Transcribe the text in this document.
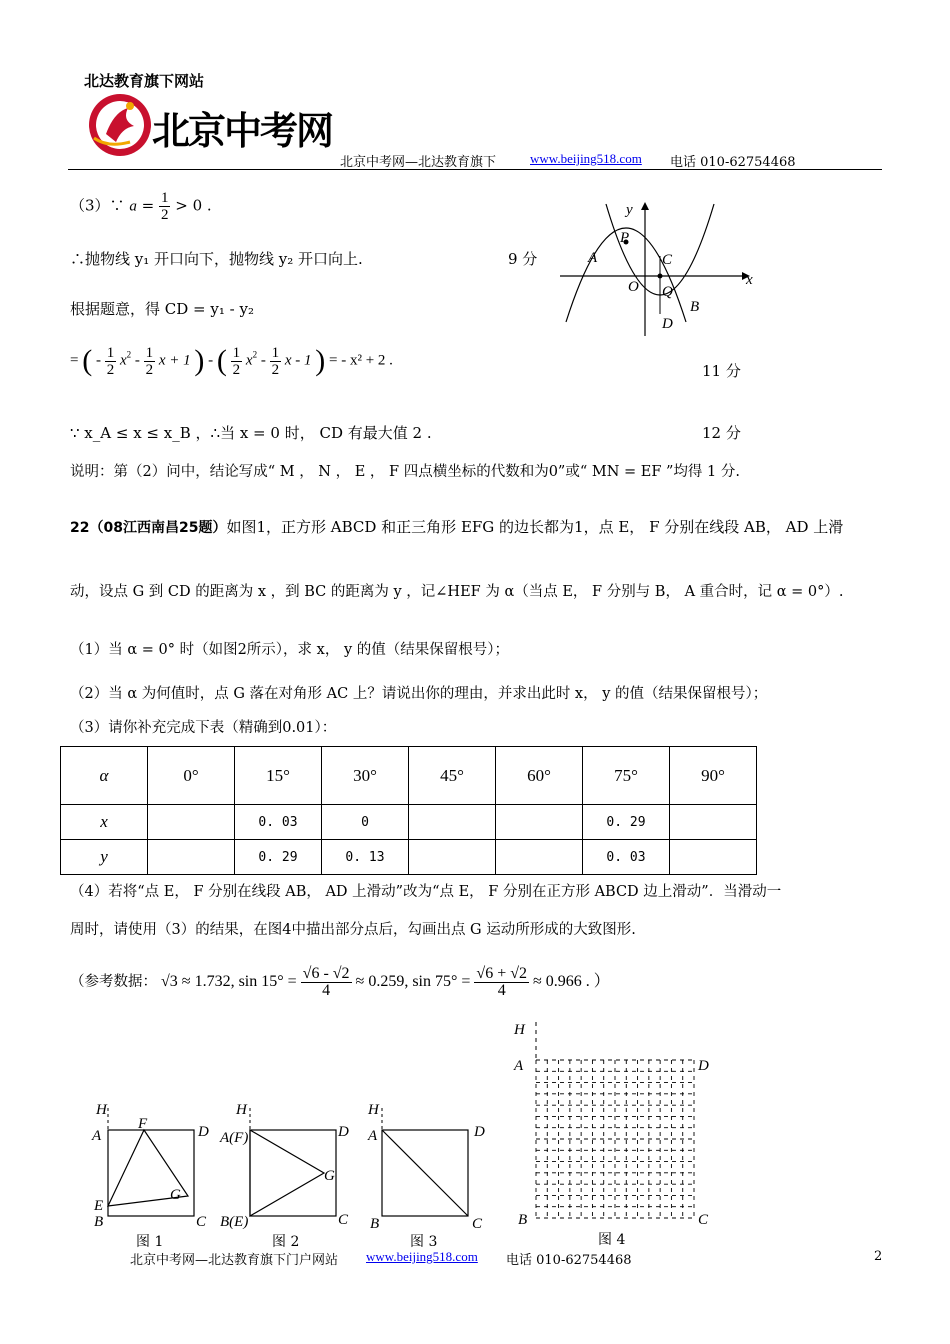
北达教育旗下网站
北京中考网
北京中考网—北达教育旗下	www.beijing518.com 电话 010-62754468
（3）∵ $a = \frac{1}{2} > 0$ .
∴抛物线 y₁ 开口向下，抛物线 y₂ 开口向上.	9 分
根据题意，得 CD = y₁ - y₂
= ( - $\frac{1}{2} x^2 - \frac{1}{2}$ x + 1 ) - ( $\frac{1}{2} x^2 - \frac{1}{2}$ x - 1 ) = - x² + 2 .
11 分
∵ x_A ≤ x ≤ x_B ，∴当 x = 0 时， CD 有最大值 2 .	12 分
说明：第（2）问中，结论写成“ M ， N ， E ， F 四点横坐标的代数和为0”或“ MN = EF ”均得 1 分.
y
x
P
A	C
O Q
B
D
22（08江西南昌25题）如图1，正方形 ABCD 和正三角形 EFG 的边长都为1，点 E， F 分别在线段 AB， AD 上滑
动，设点 G 到 CD 的距离为 x ，到 BC 的距离为 y ，记∠HEF 为 α（当点 E， F 分别与 B， A 重合时，记 α = 0°）.
（1）当 α = 0° 时（如图2所示），求 x， y 的值（结果保留根号）；
（2）当 α 为何值时，点 G 落在对角形 AC 上？请说出你的理由，并求出此时 x， y 的值（结果保留根号）；
（3）请你补充完成下表（精确到0.01）：
α	0°	15°	30°	45°	60°	75°	90°
x		0. 03	0			0. 29	
y		0. 29	0. 13			0. 03	
（4）若将“点 E， F 分别在线段 AB， AD 上滑动”改为“点 E， F 分别在正方形 ABCD 边上滑动”．当滑动一
周时，请使用（3）的结果，在图4中描出部分点后，勾画出点 G 运动所形成的大致图形.
（参考数据： √3 ≈ 1.732, $\sin 15^\circ = \frac{√6 - √2}{4} \approx 0.259$, $\sin 75^\circ = \frac{√6 + √2}{4} \approx 0.966$ . ）
H
A
F	D
E
G
B	C
图 1
H
A(F)	D
G
B(E)	C
图 2
H
A	D
B	C
图 3
H
A	D
B	C
图 4
北京中考网—北达教育旗下门户网站 www.beijing518.com 电话 010-62754468	2
